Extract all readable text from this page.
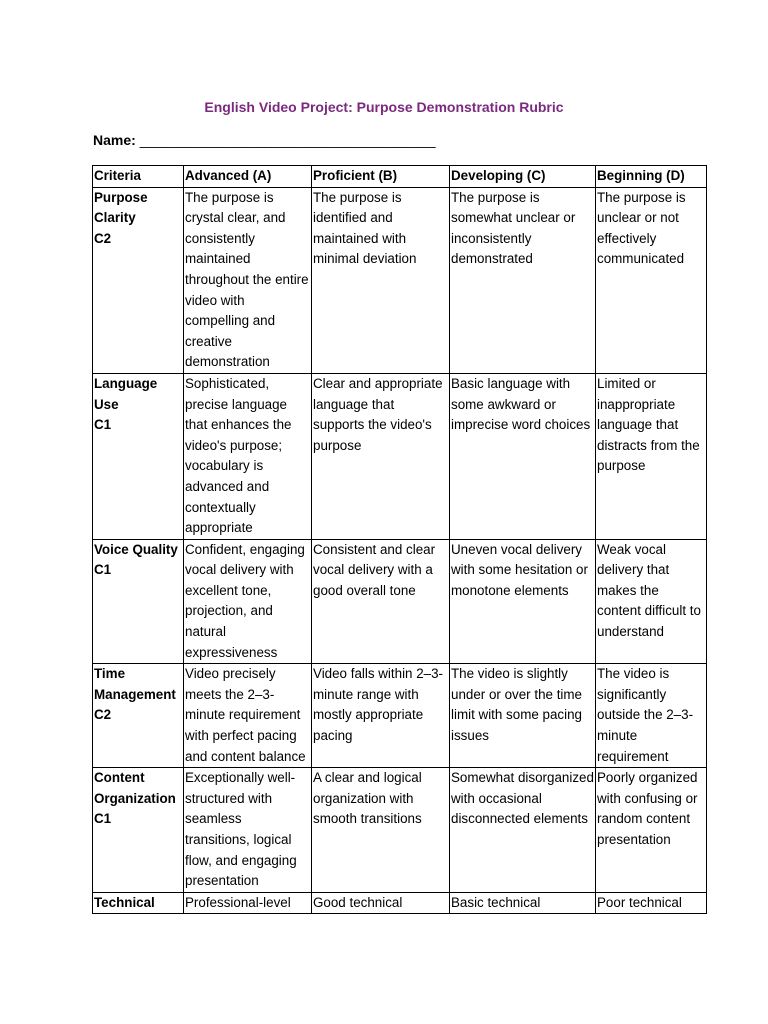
English Video Project: Purpose Demonstration Rubric
Name: ______________________________________
Criteria	Advanced (A)	Proficient (B)	Developing (C)	Beginning (D)

Purpose Clarity
C2	The purpose is crystal clear, and consistently maintained throughout the entire video with compelling and creative demonstration	The purpose is identified and maintained with minimal deviation	The purpose is somewhat unclear or inconsistently demonstrated	The purpose is unclear or not effectively communicated

Language Use
C1	Sophisticated, precise language that enhances the video's purpose; vocabulary is advanced and contextually appropriate	Clear and appropriate language that supports the video's purpose	Basic language with some awkward or imprecise word choices	Limited or inappropriate language that distracts from the purpose

Voice Quality
C1	Confident, engaging vocal delivery with excellent tone, projection, and natural expressiveness	Consistent and clear vocal delivery with a good overall tone	Uneven vocal delivery with some hesitation or monotone elements	Weak vocal delivery that makes the content difficult to understand

Time Management
C2	Video precisely meets the 2–3-minute requirement with perfect pacing and content balance	Video falls within 2–3-minute range with mostly appropriate pacing	The video is slightly under or over the time limit with some pacing issues	The video is significantly outside the 2–3-minute requirement

Content Organization
C1	Exceptionally well-structured with seamless transitions, logical flow, and engaging presentation	A clear and logical organization with smooth transitions	Somewhat disorganized with occasional disconnected elements	Poorly organized with confusing or random content presentation

Technical	Professional-level	Good technical	Basic technical	Poor technical
